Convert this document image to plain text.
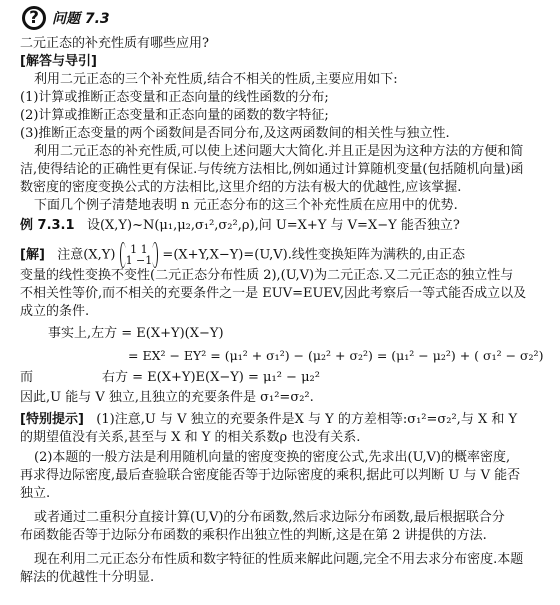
? 问题 7.3
二元正态的补充性质有哪些应用?
[解答与导引]
利用二元正态的三个补充性质,结合不相关的性质,主要应用如下:
(1)计算或推断正态变量和正态向量的线性函数的分布;
(2)计算或推断正态变量和正态向量的函数的数字特征;
(3)推断正态变量的两个函数间是否同分布,及这两函数间的相关性与独立性.
利用二元正态的补充性质,可以使上述问题大大简化.并且正是因为这种方法的方便和简
洁,使得结论的正确性更有保证.与传统方法相比,例如通过计算随机变量(包括随机向量)函
数密度的密度变换公式的方法相比,这里介绍的方法有极大的优越性,应该掌握.
下面几个例子清楚地表明 n 元正态分布的这三个补充性质在应用中的优势.
例 7.3.1 设(X,Y)~N(μ₁,μ₂,σ₁²,σ₂²,ρ),问 U=X+Y 与 V=X−Y 能否独立?
[解] 注意(X,Y)	1 1
1 −1 =(X+Y,X−Y)=(U,V).线性变换矩阵为满秩的,由正态
变量的线性变换不变性(二元正态分布性质 2),(U,V)为二元正态.又二元正态的独立性与
不相关性等价,而不相关的充要条件之一是 EUV=EUEV,因此考察后一等式能否成立以及
成立的条件.
事实上,左方 = E(X+Y)(X−Y)
= EX² − EY² = (μ₁² + σ₁²) − (μ₂² + σ₂²) = (μ₁² − μ₂²) + ( σ₁² − σ₂²)
而	右方 = E(X+Y)E(X−Y) = μ₁² − μ₂²
因此,U 能与 V 独立,且独立的充要条件是 σ₁²=σ₂².
[特别提示] (1)注意,U 与 V 独立的充要条件是X 与 Y 的方差相等:σ₁²=σ₂²,与 X 和 Y
的期望值没有关系,甚至与 X 和 Y 的相关系数ρ 也没有关系.
(2)本题的一般方法是利用随机向量的密度变换的密度公式,先求出(U,V)的概率密度,
再求得边际密度,最后查验联合密度能否等于边际密度的乘积,据此可以判断 U 与 V 能否
独立.
或者通过二重积分直接计算(U,V)的分布函数,然后求边际分布函数,最后根据联合分
布函数能否等于边际分布函数的乘积作出独立性的判断,这是在第 2 讲提供的方法.
现在利用二元正态分布性质和数字特征的性质来解此问题,完全不用去求分布密度.本题
解法的优越性十分明显.
